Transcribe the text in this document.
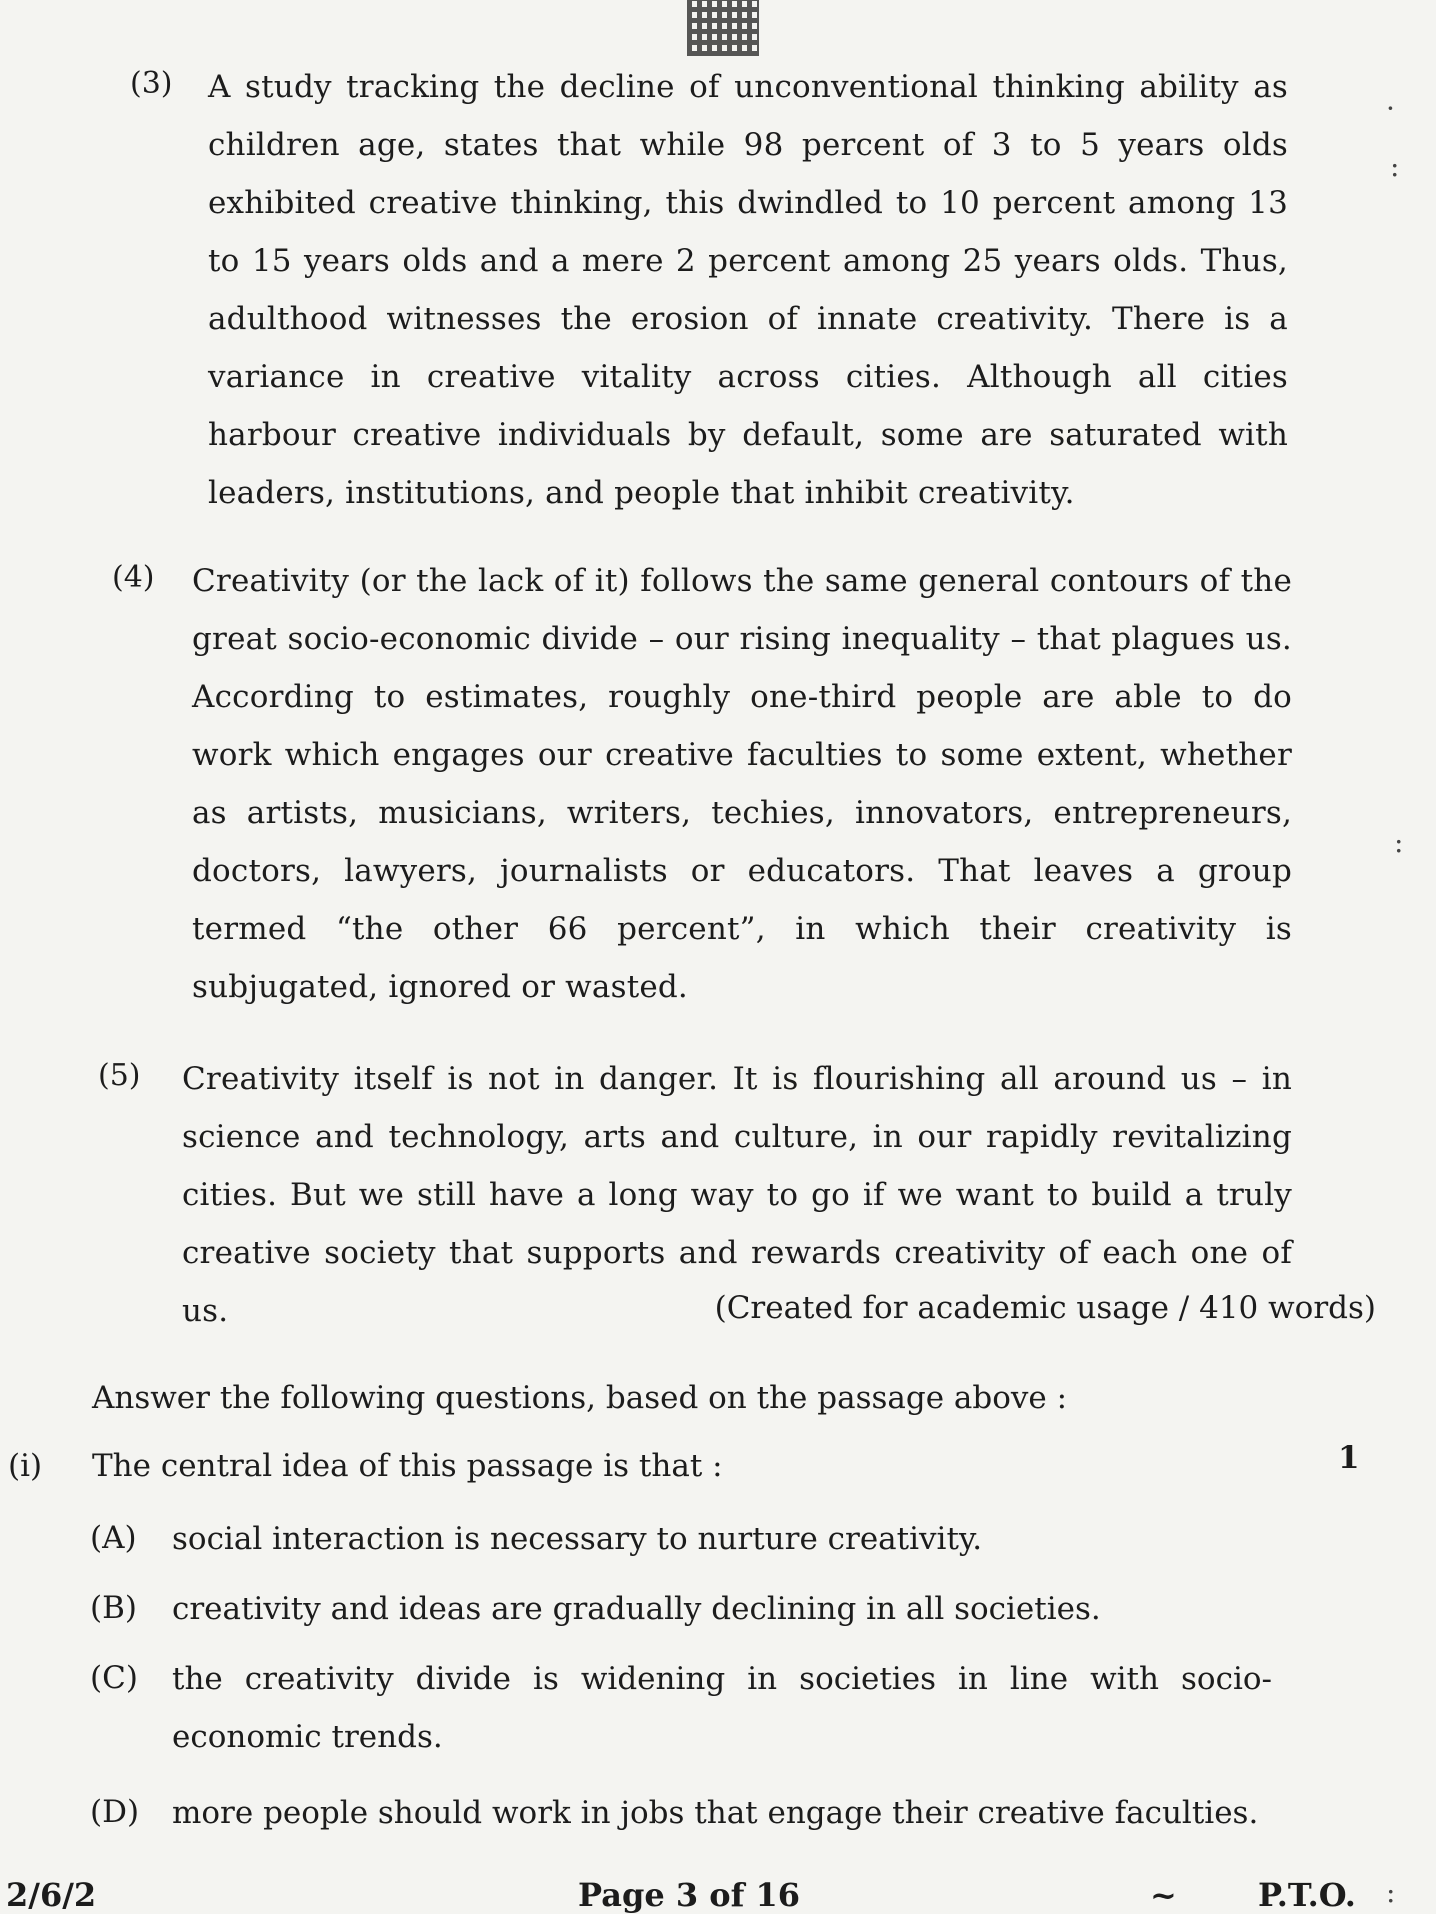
(3) A study tracking the decline of unconventional thinking ability as children age, states that while 98 percent of 3 to 5 years olds exhibited creative thinking, this dwindled to 10 percent among 13 to 15 years olds and a mere 2 percent among 25 years olds. Thus, adulthood witnesses the erosion of innate creativity. There is a variance in creative vitality across cities. Although all cities harbour creative individuals by default, some are saturated with leaders, institutions, and people that inhibit creativity.
(4) Creativity (or the lack of it) follows the same general contours of the great socio-economic divide – our rising inequality – that plagues us. According to estimates, roughly one-third people are able to do work which engages our creative faculties to some extent, whether as artists, musicians, writers, techies, innovators, entrepreneurs, doctors, lawyers, journalists or educators. That leaves a group termed “the other 66 percent”, in which their creativity is subjugated, ignored or wasted.
(5) Creativity itself is not in danger. It is flourishing all around us – in science and technology, arts and culture, in our rapidly revitalizing cities. But we still have a long way to go if we want to build a truly creative society that supports and rewards creativity of each one of us.	(Created for academic usage / 410 words)
Answer the following questions, based on the passage above :
(i) The central idea of this passage is that :	1
(A) social interaction is necessary to nurture creativity.
(B) creativity and ideas are gradually declining in all societies.
(C) the creativity divide is widening in societies in line with socio-economic trends.
(D) more people should work in jobs that engage their creative faculties.
2/6/2	Page 3 of 16	~	P.T.O.
·
:
:
:
